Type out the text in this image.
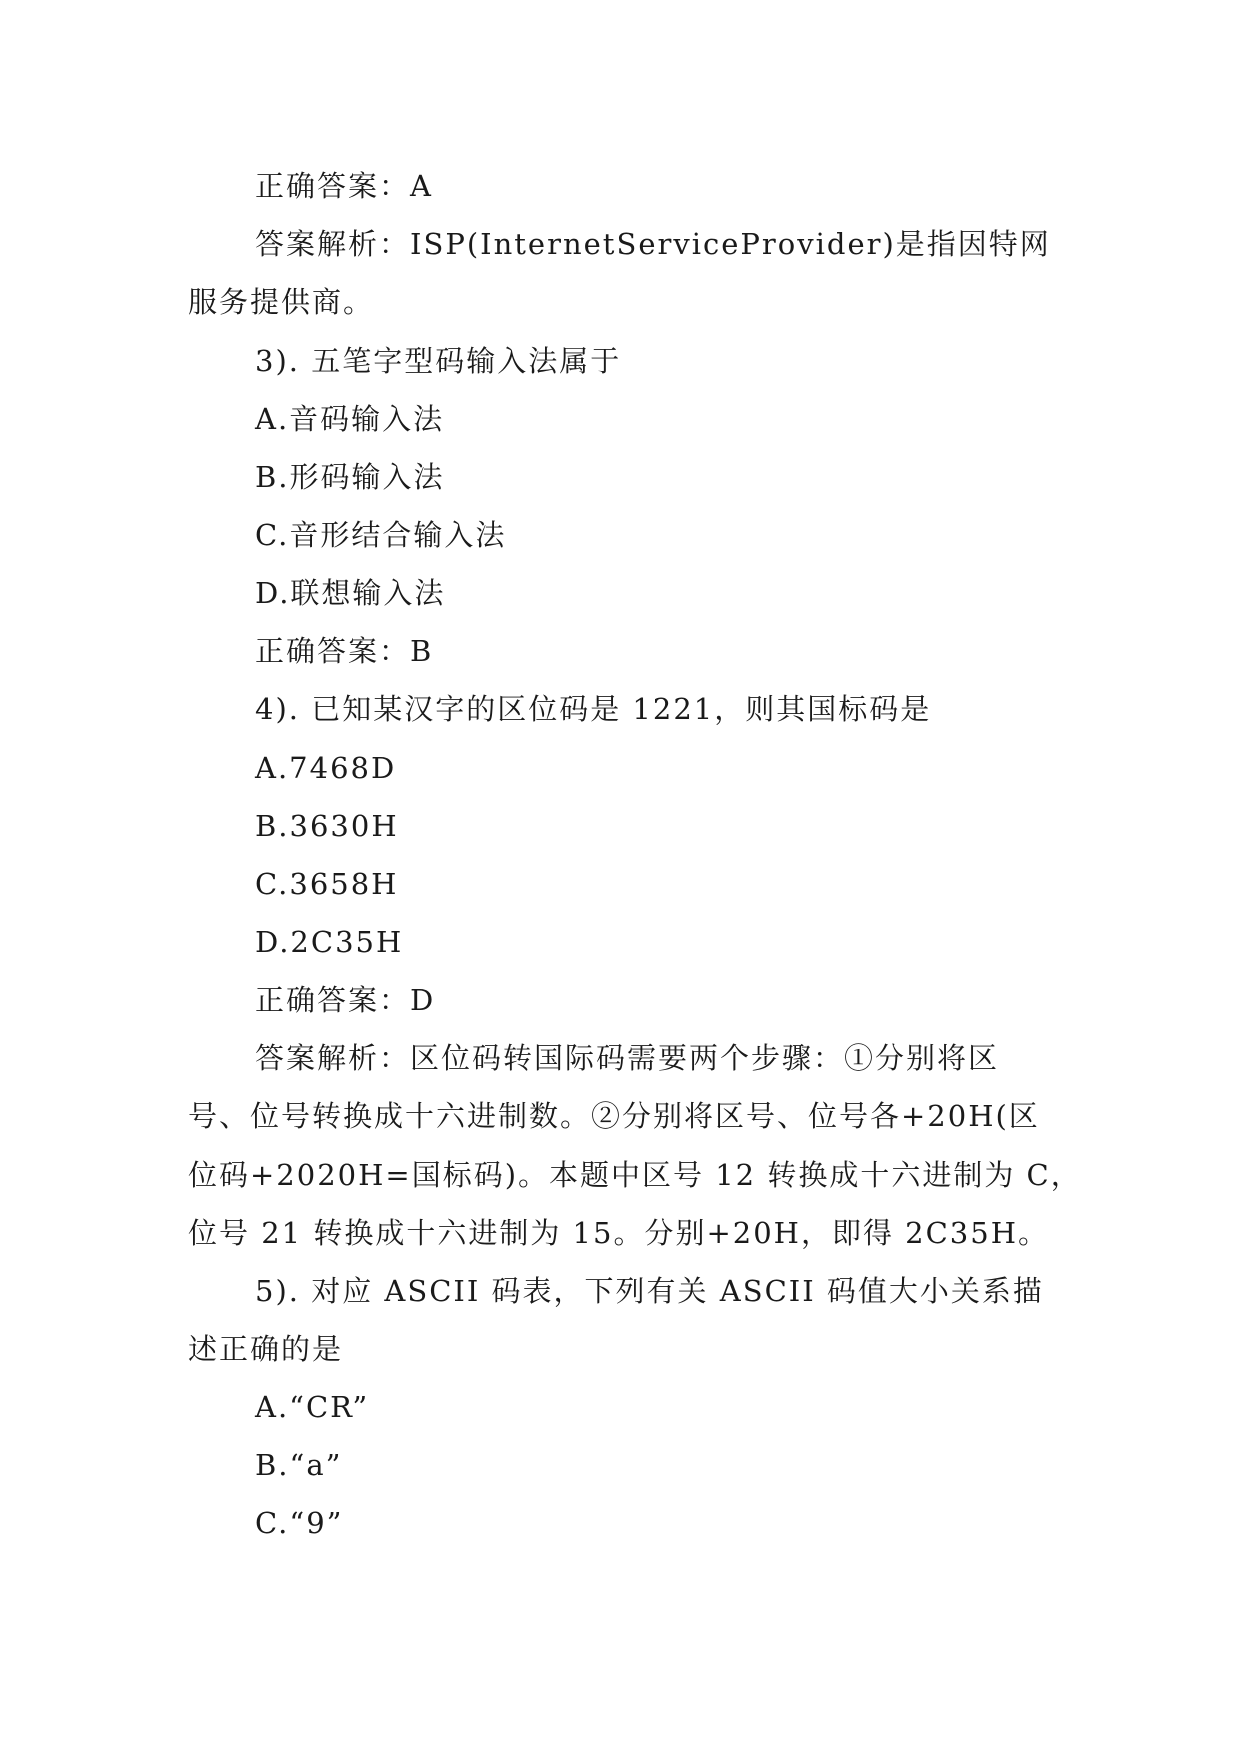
正确答案：A
答案解析：ISP(InternetServiceProvider)是指因特网
服务提供商。
3). 五笔字型码输入法属于
A.音码输入法
B.形码输入法
C.音形结合输入法
D.联想输入法
正确答案：B
4). 已知某汉字的区位码是 1221，则其国标码是
A.7468D
B.3630H
C.3658H
D.2C35H
正确答案：D
答案解析：区位码转国际码需要两个步骤：①分别将区
号、位号转换成十六进制数。②分别将区号、位号各+20H(区
位码+2020H=国标码)。本题中区号 12 转换成十六进制为 C，
位号 21 转换成十六进制为 15。分别+20H，即得 2C35H。
5). 对应 ASCII 码表，下列有关 ASCII 码值大小关系描
述正确的是
A.“CR”
B.“a”
C.“9”
